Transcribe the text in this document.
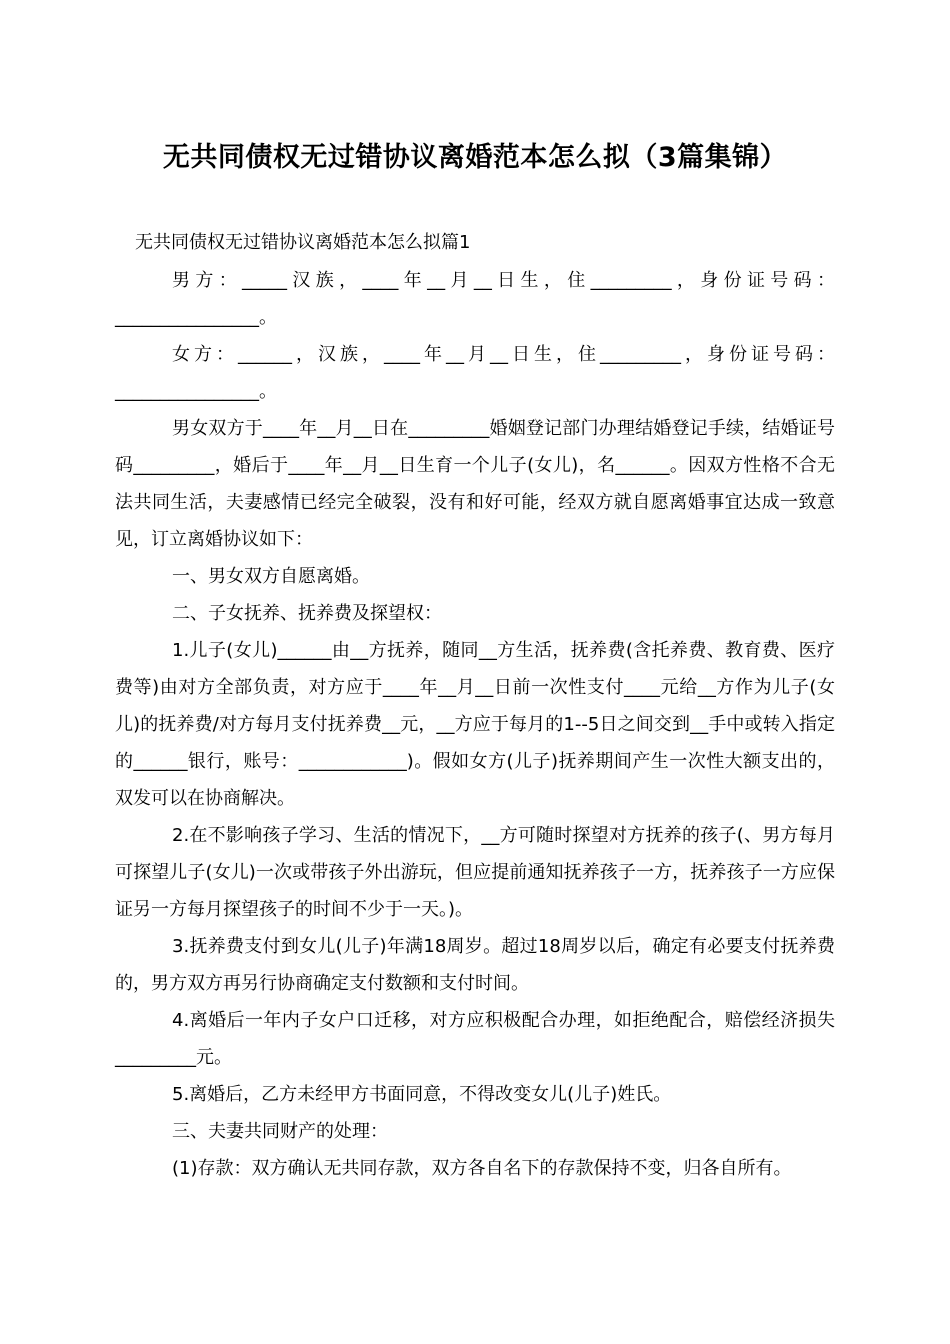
无共同债权无过错协议离婚范本怎么拟（3篇集锦）
无共同债权无过错协议离婚范本怎么拟篇1

男方：_____汉族，____年__月__日生，住_________，身份证号码：________________。

女方：______，汉族，____年__月__日生，住_________，身份证号码：________________。

男女双方于____年__月__日在_________婚姻登记部门办理结婚登记手续，结婚证号码_________，婚后于____年__月__日生育一个儿子(女儿)，名______。因双方性格不合无法共同生活，夫妻感情已经完全破裂，没有和好可能，经双方就自愿离婚事宜达成一致意见，订立离婚协议如下：

一、男女双方自愿离婚。

二、子女抚养、抚养费及探望权：

1.儿子(女儿)______由__方抚养，随同__方生活，抚养费(含托养费、教育费、医疗费等)由对方全部负责，对方应于____年__月__日前一次性支付____元给__方作为儿子(女儿)的抚养费/对方每月支付抚养费__元，__方应于每月的1--5日之间交到__手中或转入指定的______银行，账号：____________)。假如女方(儿子)抚养期间产生一次性大额支出的，双发可以在协商解决。

2.在不影响孩子学习、生活的情况下，__方可随时探望对方抚养的孩子(、男方每月可探望儿子(女儿)一次或带孩子外出游玩，但应提前通知抚养孩子一方，抚养孩子一方应保证另一方每月探望孩子的时间不少于一天。)。

3.抚养费支付到女儿(儿子)年满18周岁。超过18周岁以后，确定有必要支付抚养费的，男方双方再另行协商确定支付数额和支付时间。

4.离婚后一年内子女户口迁移，对方应积极配合办理，如拒绝配合，赔偿经济损失_________元。

5.离婚后，乙方未经甲方书面同意，不得改变女儿(儿子)姓氏。

三、夫妻共同财产的处理：

(1)存款：双方确认无共同存款，双方各自名下的存款保持不变，归各自所有。
